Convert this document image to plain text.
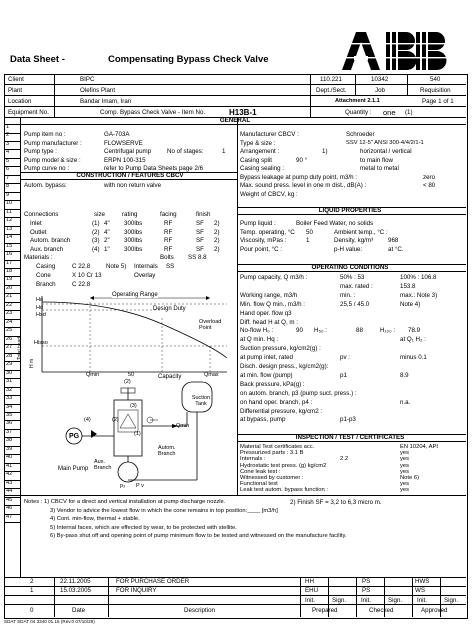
Data Sheet -	Compensating Bypass Check Valve
Client	BIPC
Plant	Olefins Plant
Location	Bandar Imam, Iran
Equipment No.	Comp. Bypass Check Valve - Item No.	H13B-1	Quantity : one (1)
110.221	10342	540
Dept./Sect.	Job	Requisition
Attachment 2.1.1	Page 1 of 1
GENERAL
1
2
3
4
5
6
7
8
9
10
11
12
13
14
15
16
17
18
19
20
21
22
23
24
25
26
27
28
29
30
31
32
33
34
35
36
37
38
39
40
41
42
43
44
45
46
47
Pump item no :	GA-703A
Pump manufacturer :	FLOWSERVE
Pump type :	Centrifugal pump	No of stages:	1
Pump model & size :	ERPN 100-315
Pump curve no :	refer to Pump Data Sheets page 2/6
CONSTRUCTION / FEATURES CBCV
Autom. bypass:	with non return valve
Connections	size	rating	facing	finish
Inlet	(1) 4" 300lbs	RF	SF 2)
Outlet	(2) 4" 300lbs	RF	SF 2)
Autom. branch	(3) 2" 300lbs	RF	SF 2)
Aux. branch	(4) 1" 300lbs	RF	SF 2)
Materials :	Bolts SS 8.8
Casing	C 22.8	Note 5) Internals SS
Cone	X 10 Cr 13	Overlay
Branch	C 22.8
Operating Range
Design Duty
Overload Point
Ho
Hd
Hsd
Hisso
Total head
H m
Qmin	50	Capacity	Qmax
Suction Tank
PG
Aux. Branch
Autom. Branch
Main Pump
(2)
(3)
(4)
(1)
(2)
Qmin
p₃ P v
Manufacturer CBCV :	Schroeder
Type & size :	SSV 12-5" ANSI 300-4/4/2/1-1
Arrangement :	1)	horizontal / vertical
Casing split	90 °	to main flow
Casing sealing :	metal to metal
Bypass leakage at pump duty point, m3/h :	zero
Max. sound press. level in one m dist., dB(A) :	< 80
Weight of CBCV, kg :
LIQUID PROPERTIES
Pump liquid :	Boiler Feed Water, no solids
Temp. operating, °C 50	Ambient temp., °C :
Viscosity, mPas :	1	Density, kg/m³ 968
Pour point, °C :	p-H value:	at °C.
OPERATING CONDITIONS
Pump capacity, Q m3/h :	50% : 53	100% : 106.8
max. rated :	153.8
Working range, m3/h	min. :	max.: Note 3)
Min. flow Q min., m3/h :	25,5 / 45.0	Note 4)
Hand oper. flow q3
Diff. head H at Q, m :
No-flow H₀ :	90 H₅₀ :	88	H₁₀₀ : 78.9
at Q min. Hq :	at Q₁ H₂ :
Suction pressure, kg/cm2(g) :
at pump inlet, rated	pv :	minus 0.1
Disch. design press., kg/cm2(g):
at min. flow (pump)	p1	8.9
Back pressure, kPa(g) :
on autom. branch, p3 (pump suct. press.) :
on hand oper. branch, p4 :	n.a.
Differential pressure, kg/cm2 :
at bypass, pump	p1-p3
INSPECTION / TEST / CERTIFICATES
Material Test certificates acc.	EN 10204, API
Pressurized parts : 3.1 B	yes
Internals :	2.2	yes
Hydrostatic test press. (g) kg/cm2	yes
Cone leak test :	yes
Witnessed by customer :	Note 6)
Functional test	yes
Leak test autom. bypass function :	yes
Notes : 1) CBCV for a direct and vertical installation at pump discharge nozzle.
3) Vendor to advice the lowest flow in which the cone remains in top position:____ [m3/h]
4) Cont. min-flow, thermal + stable.
5) Internal faces, which are effected by wear, to be protected with stellite.
6) By-pass shut off and opening point of pump minimum flow to be tested and witnessed on the manufacture facility.
2) Finish SF = 3,2 to 6,3 micro m.
2	22.11.2005	FOR PURCHASE ORDER	HH	PS	HWS
1	15.03.2005	FOR INQUIRY	EHU	PS	WS
0	Date	Description
Init.	Sign. Init.	Sign. Init.	Sign.
Prepared	Checked	Approved
SDAT SDAT 04 3340 01.15 (Rev.0 07/10/29)
